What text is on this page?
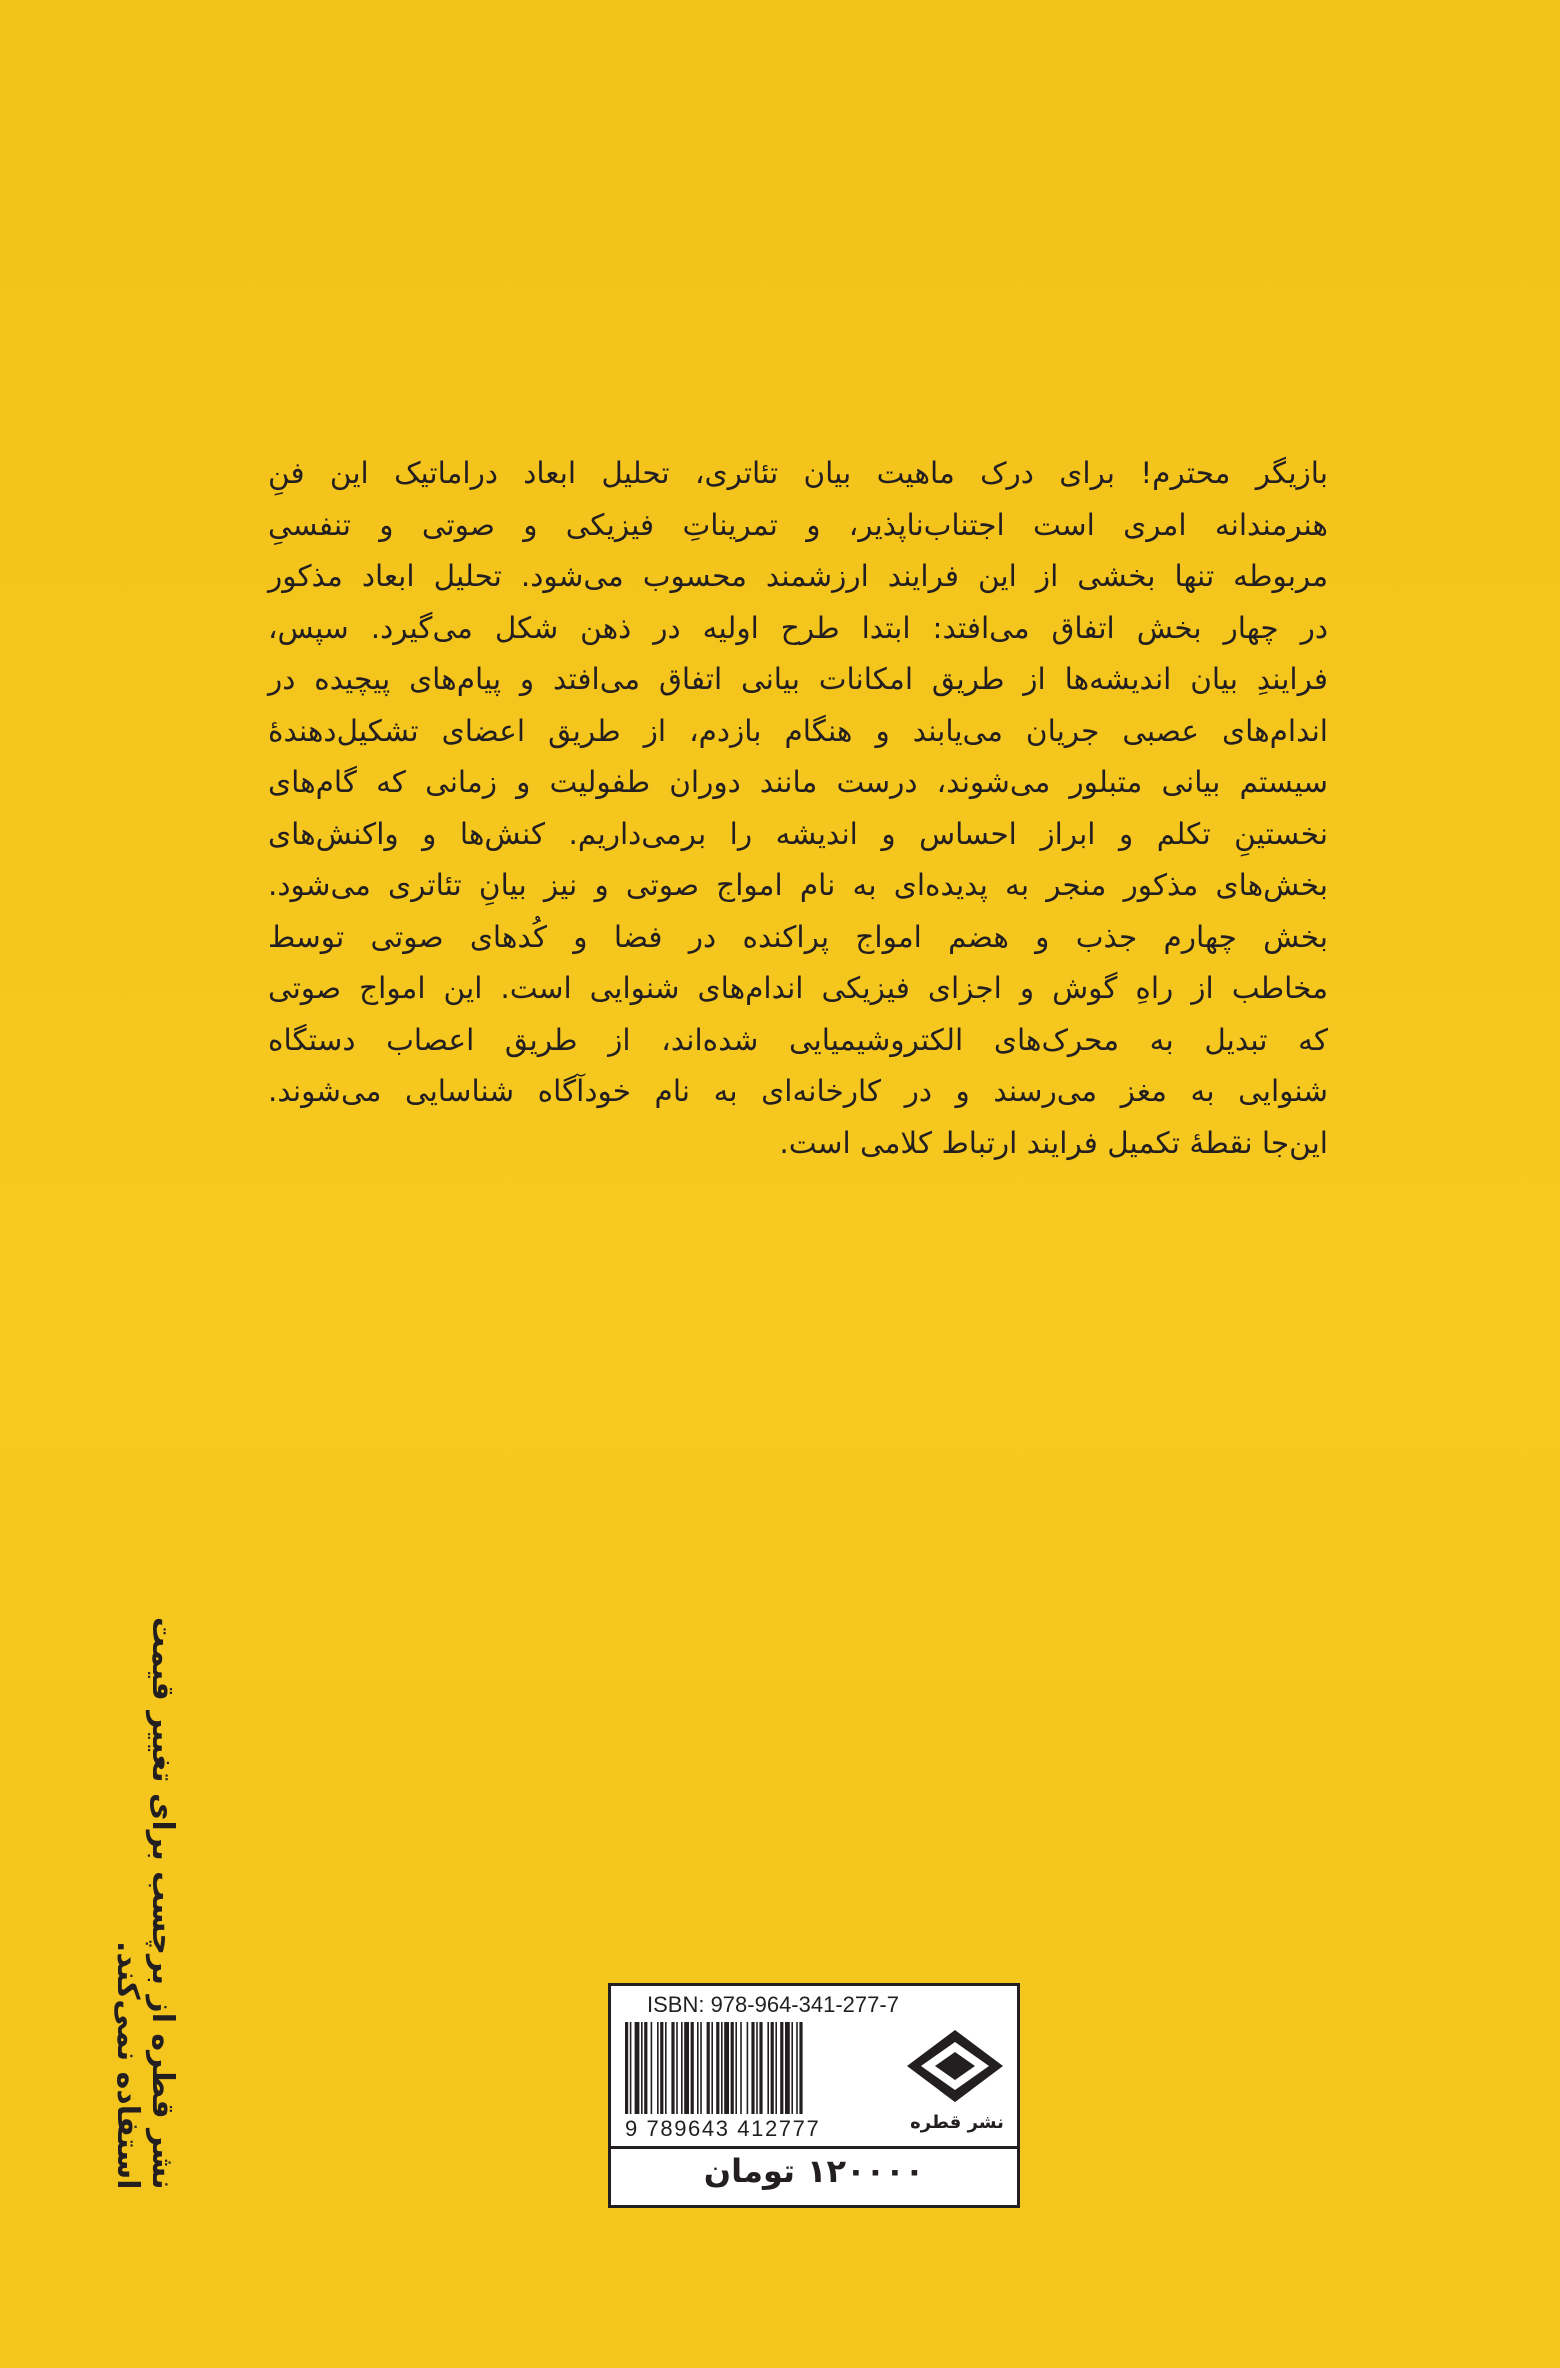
بازیگر محترم! برای درک ماهیت بیان تئاتری، تحلیل ابعاد دراماتیک این فنِ
هنرمندانه امری است اجتناب‌ناپذیر، و تمریناتِ فیزیکی و صوتی و تنفسیِ
مربوطه تنها بخشی از این فرایند ارزشمند محسوب می‌شود. تحلیل ابعاد مذکور
در چهار بخش اتفاق می‌افتد: ابتدا طرح اولیه در ذهن شکل می‌گیرد. سپس،
فرایندِ بیان اندیشه‌ها از طریق امکانات بیانی اتفاق می‌افتد و پیام‌های پیچیده در
اندام‌های عصبی جریان می‌یابند و هنگام بازدم، از طریق اعضای تشکیل‌دهندهٔ
سیستم بیانی متبلور می‌شوند، درست مانند دوران طفولیت و زمانی که گام‌های
نخستینِ تکلم و ابراز احساس و اندیشه را برمی‌داریم. کنش‌ها و واکنش‌های
بخش‌های مذکور منجر به پدیده‌ای به نام امواج صوتی و نیز بیانِ تئاتری می‌شود.
بخش چهارم جذب و هضم امواج پراکنده در فضا و کُدهای صوتی توسط
مخاطب از راهِ گوش و اجزای فیزیکی اندام‌های شنوایی است. این امواج صوتی
که تبدیل به محرک‌های الکتروشیمیایی شده‌اند، از طریق اعصاب دستگاه
شنوایی به مغز می‌رسند و در کارخانه‌ای به نام خودآگاه شناسایی می‌شوند.
این‌جا نقطهٔ تکمیل فرایند ارتباط کلامی است.
نشر قطره از برچسب برای تغییر قیمت استفاده نمی‌کند.	ISBN: 978-964-341-277-7
9 789643 412777	نشر قطره
۱۲۰۰۰۰تومان
